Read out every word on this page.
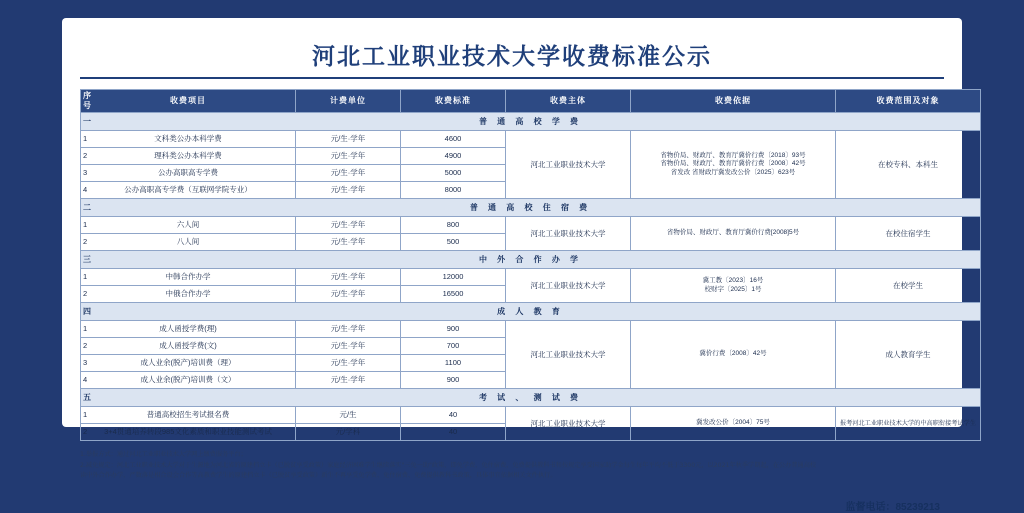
河北工业职业技术大学收费标准公示
	收费项目	计费单位	收费标准	收费主体	收费依据	收费范围及对象
	普 通 高 校 学 费					
1	文科类公办本科学费	元/生·学年	4600	河北工业职业技术大学	省物价局、财政厅、教育厅冀价行费〔2018〕93号
省物价局、财政厅、教育厅冀价行费〔2008〕42号
省发改 省财政厅冀发改公价〔2025〕623号	在校专科、本科生
2	理科类公办本科学费	元/生·学年	4900			
3	公办高职高专学费	元/生·学年	5000			
4	公办高职高专学费（互联网学院专业）	元/生·学年	8000			
	普 通 高 校 住 宿 费					
1	六人间	元/生·学年	800	河北工业职业技术大学	省物价局、财政厅、教育厅冀价行费[2008]5号	在校住宿学生
2	八人间	元/生·学年	500			
	中 外 合 作 办 学					
1	中韩合作办学	元/生·学年	12000	河北工业职业技术大学	冀工教〔2023〕16号
校财字〔2025〕1号	在校学生
2	中俄合作办学	元/生·学年	16500			
	成 人 教 育					
1	成人函授学费(理)	元/生·学年	900	河北工业职业技术大学	冀价行费〔2008〕42号	成人教育学生
2	成人函授学费(文)	元/生·学年	700			
3	成人业余(脱产)培训费（理）	元/生·学年	1100			
4	成人业余(脱产)培训费（文）	元/生·学年	900			
	考 试 、 测 试 费					
1	普通高校招生考试报名费	元/生	40	河北工业职业技术大学	冀发改公价〔2004〕75号	报考河北工业职业技术大学的中高职衔接考试学生
2	3+4贯通培养转段985文化素质和职业技能测试考试	元/学科	40			
1.举报方式：通过河北工业职业技术大学网上缴费服务平台；
2.减免规定：河北工业职业技术大学对于生源地为河北省的原建档立卡（已脱贫享受政策）家庭经济困难学生继续落实"三免一助"政策，即免学费、免住宿费、免费提供教科书和按规定享受国家助学金每生每年平均不低于3300元，以2021年秋季学期起，在公办普通高校
读中外合作办学、严数落是相合设会合作等高教费学生的原建档立卡（已脱贫享受政策）新生不再享受免学费、免住宿费、免费提供教科书政策，具体事宜依据相关文件执行。
监督电话：85239213
